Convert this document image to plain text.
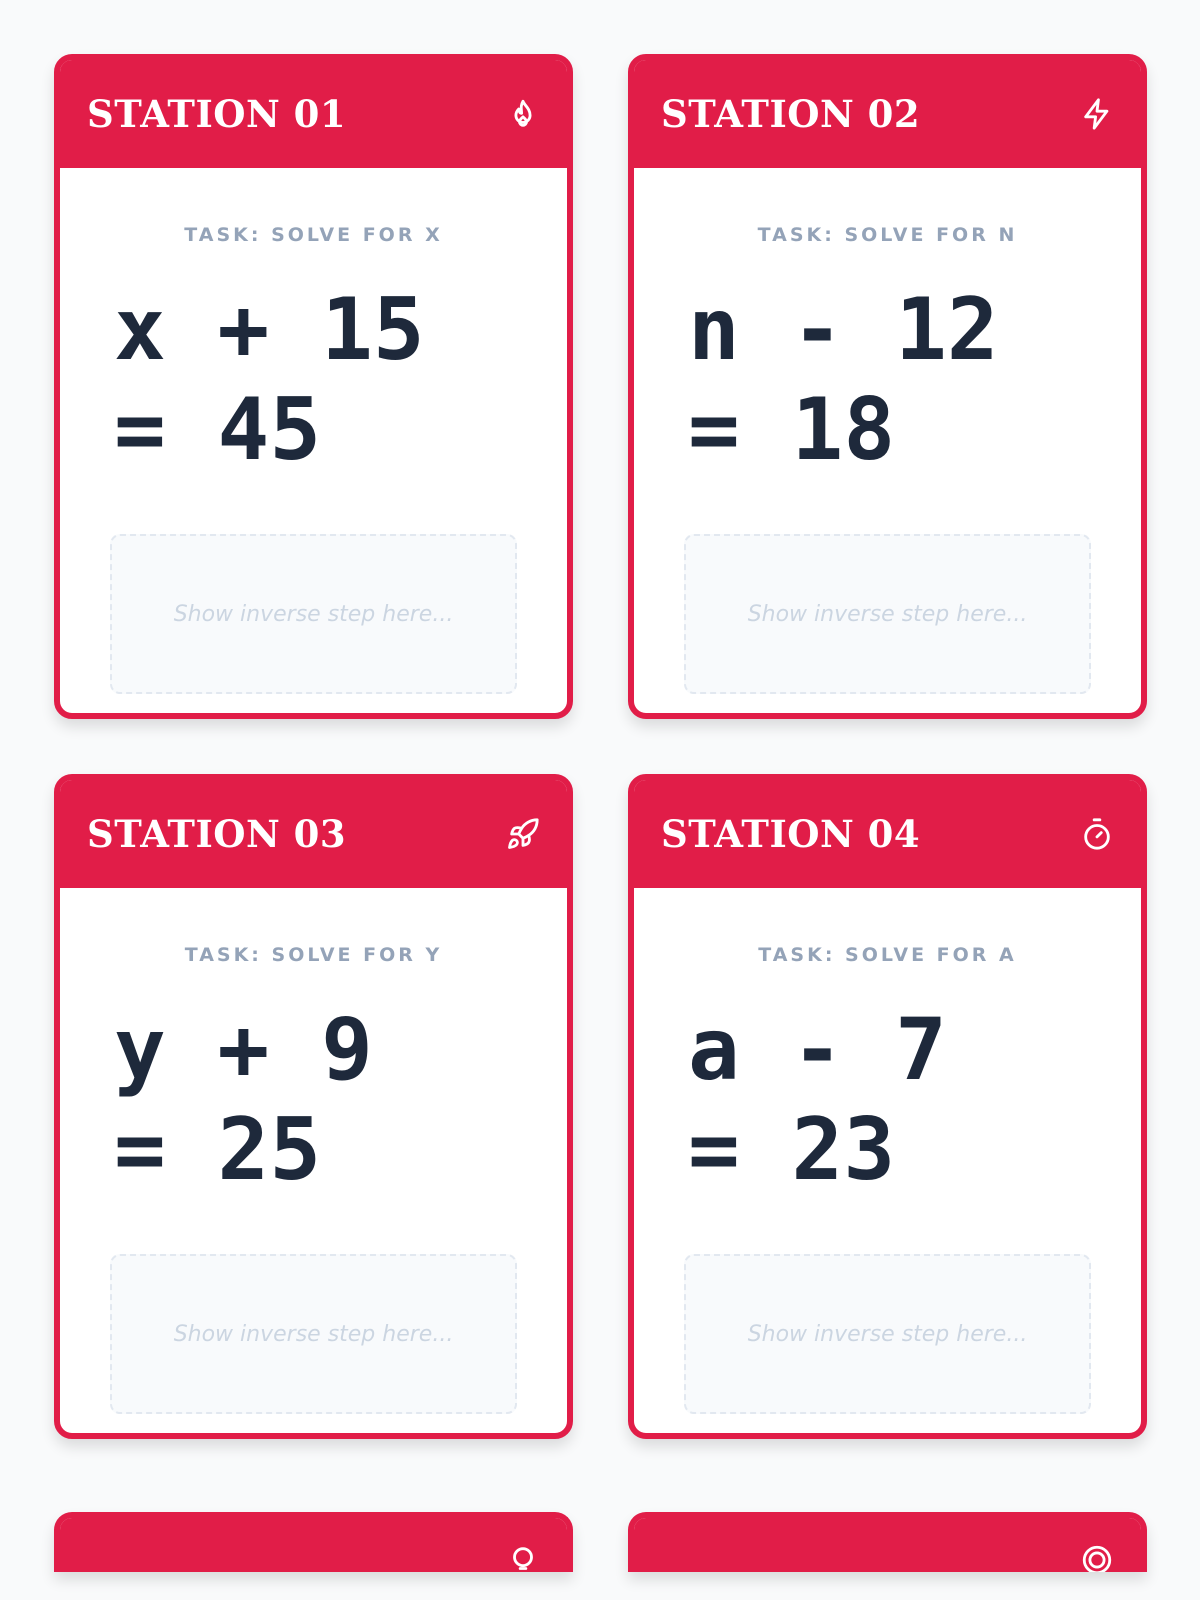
STATION 01
TASK: SOLVE FOR X
x + 15
= 45
Show inverse step here...
STATION 02
TASK: SOLVE FOR N
n - 12
= 18
Show inverse step here...
STATION 03
TASK: SOLVE FOR Y
y + 9
= 25
Show inverse step here...
STATION 04
TASK: SOLVE FOR A
a - 7
= 23
Show inverse step here...
